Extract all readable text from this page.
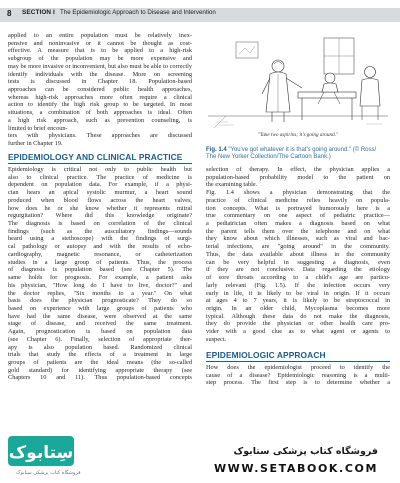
8 SECTION I The Epidemiologic Approach to Disease and Intervention
applied to an entire population must be relatively inex-
pensive and noninvasive or it cannot be thought as cost-
effective. A measure that is to be applied to a high-risk
subgroup of the population may be more expensive and
may be more invasive or inconvenient, but also must be able to correctly
identify individuals with the disease. More on screening
tests is discussed in Chapter 18. Population-based
approaches can be considered public health approaches,
whereas high-risk approaches more often require a clinical
action to identify the high risk group to be targeted. In most
situations, a combination of both approaches is ideal. Often
a high risk approach, such as prevention counseling, is
limited to brief encoun-
ters with physicians. These approaches are discussed
further in Chapter 19.
EPIDEMIOLOGY AND CLINICAL PRACTICE
Epidemiology is critical not only to public health but
also to clinical practice. The practice of medicine is
dependent on population data. For example, if a physi-
cian hears an apical systolic murmur, a heart sound
produced when blood flows across the heart valves,
how does he or she know whether it represents mitral
regurgitation? Where did this knowledge originate?
The diagnosis is based on correlation of the clinical
findings (such as the auscultatory findings—sounds
heard using a stethoscope) with the findings of surgi-
cal pathology or autopsy and with the results of echo-
cardiography, magnetic resonance, or catheterization
studies in a large group of patients. Thus, the process
of diagnosis is population based (see Chapter 5). The
same holds for prognosis. For example, a patient asks
his physician, "How long do I have to live, doctor?" and
the doctor replies, "Six months to a year." On what
basis does the physician prognosticate? They do so
based on experience with large groups of patients who
have had the same disease, were observed at the same
stage of disease, and received the same treatment.
Again, prognostication is based on population data
(see Chapter 6). Finally, selection of appropriate ther-
apy is also population based. Randomized clinical
trials that study the effects of a treatment in large
groups of patients are the ideal means (the so-called
gold standard) for identifying appropriate therapy (see
Chapters 10 and 11). Thus population-based concepts
"Take two aspirins; it's going around."
Fig. 1.4 "You've got whatever it is that's going around." (© Ross/
The New Yorker Collection/The Cartoon Bank.)
selection of therapy. In effect, the physician applies a
population-based probability model to the patient on
the examining table.
Fig. 1.4 shows a physician demonstrating that the
practice of clinical medicine relies heavily on popula-
tion concepts. What is portrayed humorously here is a
true commentary on one aspect of pediatric practice—
a pediatrician often makes a diagnosis based on what
the parent tells them over the telephone and on what
they know about which illnesses, such as viral and bac-
terial infections, are "going around" in the community.
Thus, the data available about illness in the community
can be very helpful in suggesting a diagnosis, even
if they are not conclusive. Data regarding the etiology
of sore throats according to a child's age are particu-
larly relevant (Fig. 1.5). If the infection occurs very
early in life, it is likely to be viral in origin. If it occurs
at ages 4 to 7 years, it is likely to be streptococcal in
origin. In an older child, Mycoplasma becomes more
typical. Although these data do not make the diagnosis,
they do provide the physician or other health care pro-
vider with a good clue as to what agent or agents to
suspect.
EPIDEMIOLOGIC APPROACH
How does the epidemiologist proceed to identify the
cause of a disease? Epidemiologic reasoning is a multi-
step process. The first step is to determine whether a
سِتابوک
فروشگاه کتاب پزشکی ستابوک
فروشگاه کتاب پزشکی ستابوک
WWW.SETABOOK.COM
